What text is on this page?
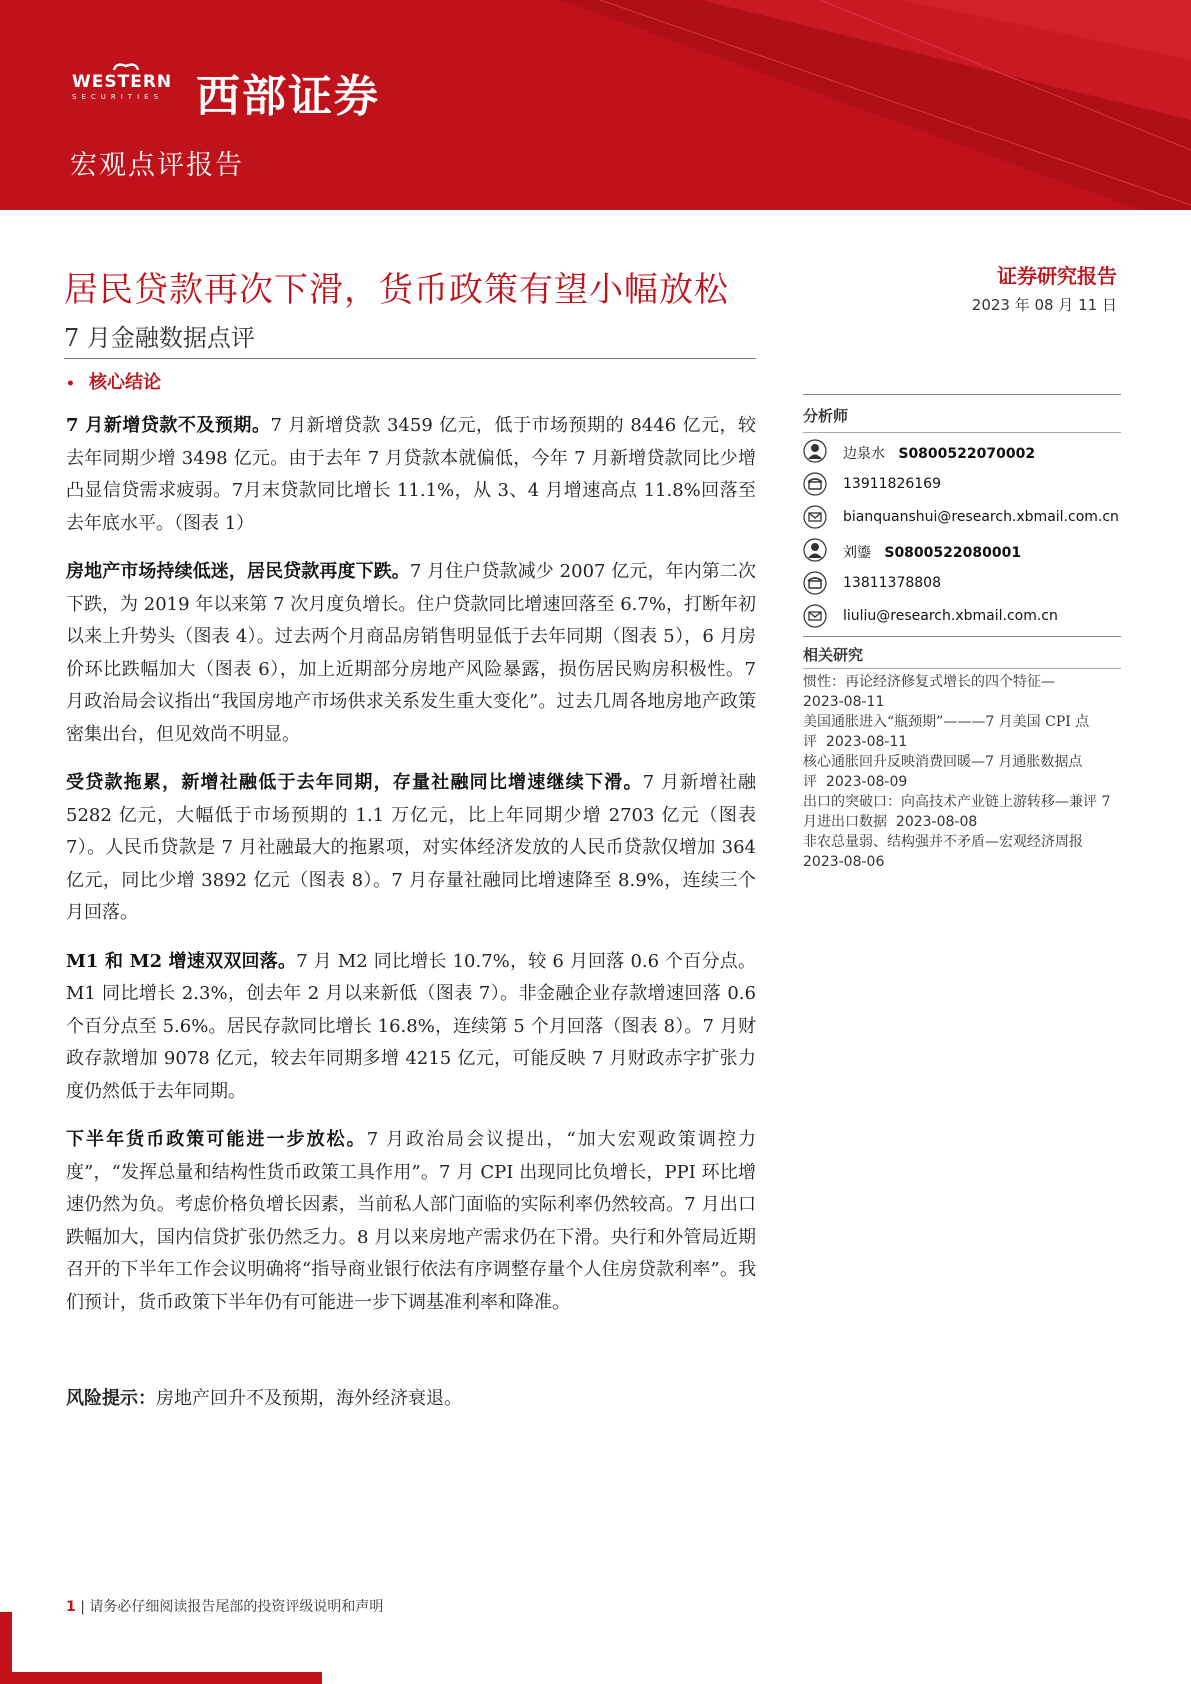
WESTERN
SECURITIES 西部证券
宏观点评报告
居民贷款再次下滑，货币政策有望小幅放松
7 月金融数据点评
• 核心结论

7 月新增贷款不及预期。7 月新增贷款 3459 亿元，低于市场预期的 8446 亿元，较去年同期少增 3498 亿元。由于去年 7 月贷款本就偏低，今年 7 月新增贷款同比少增凸显信贷需求疲弱。7月末贷款同比增长 11.1%，从 3、4 月增速高点 11.8%回落至去年底水平。（图表 1）

房地产市场持续低迷，居民贷款再度下跌。7 月住户贷款减少 2007 亿元，年内第二次下跌，为 2019 年以来第 7 次月度负增长。住户贷款同比增速回落至 6.7%，打断年初以来上升势头（图表 4）。过去两个月商品房销售明显低于去年同期（图表 5），6 月房价环比跌幅加大（图表 6），加上近期部分房地产风险暴露，损伤居民购房积极性。7 月政治局会议指出“我国房地产市场供求关系发生重大变化”。过去几周各地房地产政策密集出台，但见效尚不明显。

受贷款拖累，新增社融低于去年同期，存量社融同比增速继续下滑。7 月新增社融 5282 亿元，大幅低于市场预期的 1.1 万亿元，比上年同期少增 2703 亿元（图表 7）。人民币贷款是 7 月社融最大的拖累项，对实体经济发放的人民币贷款仅增加 364 亿元，同比少增 3892 亿元（图表 8）。7 月存量社融同比增速降至 8.9%，连续三个月回落。

M1 和 M2 增速双双回落。7 月 M2 同比增长 10.7%，较 6 月回落 0.6 个百分点。M1 同比增长 2.3%，创去年 2 月以来新低（图表 7）。非金融企业存款增速回落 0.6 个百分点至 5.6%。居民存款同比增长 16.8%，连续第 5 个月回落（图表 8）。7 月财政存款增加 9078 亿元，较去年同期多增 4215 亿元，可能反映 7 月财政赤字扩张力度仍然低于去年同期。

下半年货币政策可能进一步放松。7 月政治局会议提出，“加大宏观政策调控力度”，“发挥总量和结构性货币政策工具作用”。7 月 CPI 出现同比负增长，PPI 环比增速仍然为负。考虑价格负增长因素，当前私人部门面临的实际利率仍然较高。7 月出口跌幅加大，国内信贷扩张仍然乏力。8 月以来房地产需求仍在下滑。央行和外管局近期召开的下半年工作会议明确将“指导商业银行依法有序调整存量个人住房贷款利率”。我们预计，货币政策下半年仍有可能进一步下调基准利率和降准。

风险提示：房地产回升不及预期，海外经济衰退。
证券研究报告
2023 年 08 月 11 日
分析师
边泉水 S0800522070002
13911826169
bianquanshui@research.xbmail.com.cn
刘鎏 S0800522080001
13811378808
liuliu@research.xbmail.com.cn
相关研究

惯性：再论经济修复式增长的四个特征—
2023-08-11

美国通胀进入“瓶颈期”———7 月美国 CPI 点评 2023-08-11

核心通胀回升反映消费回暖—7 月通胀数据点评 2023-08-09

出口的突破口：向高技术产业链上游转移—兼评 7 月进出口数据 2023-08-08

非农总量弱、结构强并不矛盾—宏观经济周报
2023-08-06

1 | 请务必仔细阅读报告尾部的投资评级说明和声明
